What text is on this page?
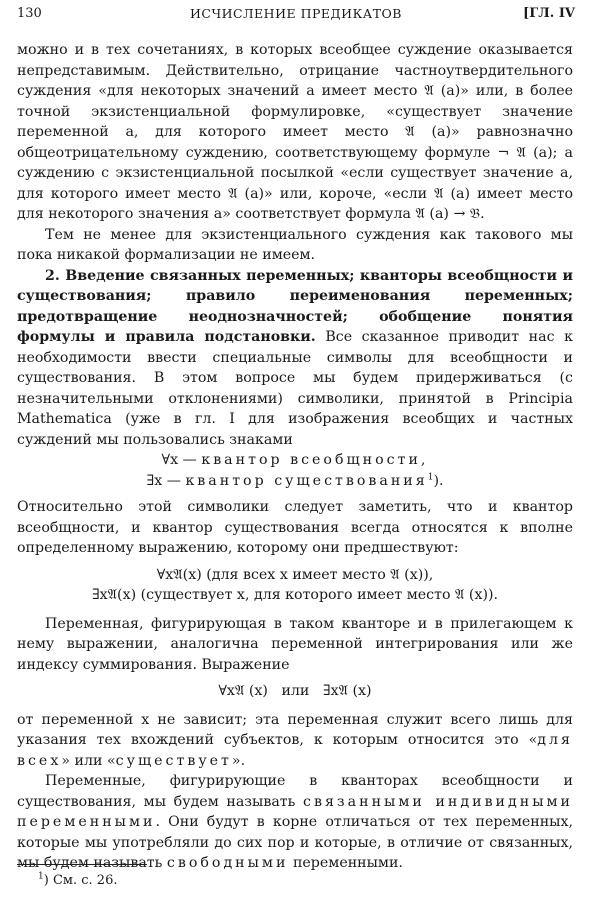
130	ИСЧИСЛЕНИЕ ПРЕДИКАТОВ	[ГЛ. IV

можно и в тех сочетаниях, в которых всеобщее суждение оказывается непредставимым. Действительно, отрицание частноутвердительного суждения «для некоторых значений a имеет место 𝔄 (a)» или, в более точной экзистенциальной формулировке, «существует значение переменной a, для которого имеет место 𝔄 (a)» равнозначно общеотрицательному суждению, соответствующему формуле ¬ 𝔄 (a); а суждению с экзистенциальной посылкой «если существует значение a, для которого имеет место 𝔄 (a)» или, короче, «если 𝔄 (a) имеет место для некоторого значения a» соответствует формула 𝔄 (a) → 𝔅.

Тем не менее для экзистенциального суждения как такового мы пока никакой формализации не имеем.

2. Введение связанных переменных; кванторы всеобщности и существования; правило переименования переменных; предотвращение неоднозначностей; обобщение понятия формулы и правила подстановки. Все сказанное приводит нас к необходимости ввести специальные символы для всеобщности и существования. В этом вопросе мы будем придерживаться (с незначительными отклонениями) символики, принятой в Principia Mathematica (уже в гл. I для изображения всеобщих и частных суждений мы пользовались знаками

∀x — квантор всеобщности,
∃x — квантор существования$^1$).

Относительно этой символики следует заметить, что и квантор всеобщности, и квантор существования всегда относятся к вполне определенному выражению, которому они предшествуют:

∀x𝔄(x) (для всех x имеет место 𝔄 (x)),
∃x𝔄(x) (существует x, для которого имеет место 𝔄 (x)).

Переменная, фигурирующая в таком кванторе и в прилегающем к нему выражении, аналогична переменной интегрирования или же индексу суммирования. Выражение

∀x𝔄 (x)   или   ∃x𝔄 (x)

от переменной x не зависит; эта переменная служит всего лишь для указания тех вхождений субъектов, к которым относится это «для всех» или «существует».

Переменные, фигурирующие в кванторах всеобщности и существования, мы будем называть связанными индивидными переменными. Они будут в корне отличаться от тех переменных, которые мы употребляли до сих пор и которые, в отличие от связанных, мы будем называть свободными переменными.

$^1$) См. с. 26.
